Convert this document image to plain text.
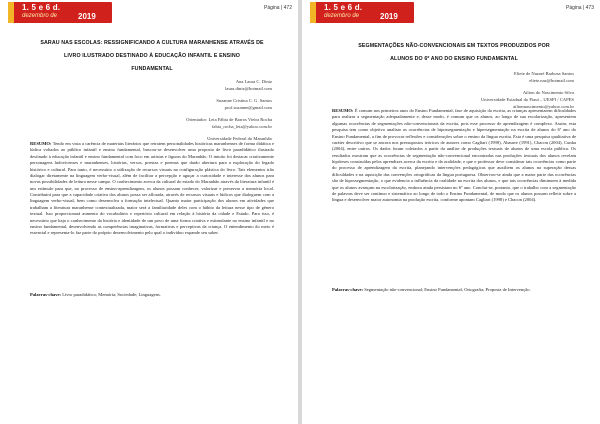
1. 5 e 6 d.
dezembro de	2019
Página | 472
SARAU NAS ESCOLAS: RESSIGNIFICANDO A CULTURA MARANHENSE ATRAVÉS DE
LIVRO ILUSTRADO DESTINADO À EDUCAÇÃO INFANTIL E ENSINO
FUNDAMENTAL
Ana Laura C. Diniz
laura.diniz@hotmail.com
Suzanne Cristina C. G. Santos
prof.suzanne@gmail.com
Orientador: Leia Fábia de Barros Vieira Rocha
fabia_rocha_leia@yahoo.com.br
Universidade Federal do Maranhão
RESUMO: Tendo em vista a carência de materiais literários que retratem personalidades históricas maranhenses de forma didática e lúdica voltados ao público infantil e ensino fundamental, buscou-se desenvolver uma proposta de livro paradidático ilustrado destinado à educação infantil e ensino fundamental com foco em artistas e figuras do Maranhão. O intuito foi destacar criativamente personagens ludovicenses e maranhenses, histórias, versos, poesias e poemas que darão abertura para a exploração do legado histórico e cultural. Para tanto, é necessário a utilização de recursos visuais na configuração plástica do livro. Tais elementos irão dialogar diretamente na linguagem verbo-visual, além de facilitar a percepção e aguçar a curiosidade e interesse dos alunos para novas possibilidades de leitura nesse campo. O conhecimento acerca da cultural do estado do Maranhão através da literatura infantil é um estímulo para que, no processo de ensino-aprendizagem, os alunos possam conhecer, valorizar e preservar a memória local. Contribuirá para que a capacidade criativa dos alunos possa ser aflorada, através de recursos visuais e lúdicos que dialoguem com a linguagem verbo-visual, bem como desenvolva a formação intelectual. Quanto maior participação dos alunos em atividades que trabalham a literatura maranhense contextualizada, maior será a familiaridade deles com o hábito da leitura nesse tipo de gênero textual. Isso proporcionará aumento do vocabulário e repertório cultural em relação à história da cidade e Estado. Para isso, é necessário que haja o conhecimento da história e identidade de um povo de uma forma criativa e estimulante no ensino infantil e no ensino fundamental, desenvolvendo as competências imaginativas, formativas e perceptivas da criança. O entendimento do meio é essencial e representa-lo faz parte do próprio desenvolvimento pelo qual o indivíduo expande seu saber.
Palavras-chave: Livro paradidático; Memória; Sociedade; Linguagens.
1. 5 e 6 d.
dezembro de	2019
Página | 473
SEGMENTAÇÕES NÃO-CONVENCIONAIS EM TEXTOS PRODUZIDOS POR
ALUNOS DO 6º ANO DO ENSINO FUNDAMENTAL
Eliete de Nazaré Barbosa Santos
eliete.naz@hotmail.com
Ailton do Nascimento Silva
Universidade Estadual do Piauí – UESPI / CAPES
ailtonnascimento@yahoo.com.br
RESUMO: É comum nos primeiros anos do Ensino Fundamental, fase de aquisição da escrita, as crianças apresentarem dificuldades para realizar a segmentação adequadamente e, desse modo, é comum que os alunos, ao longo de sua escolarização, apresentem algumas ocorrências de segmentações não-convencionais da escrita, pois esse processo de aprendizagem é complexo. Assim, esta pesquisa tem como objetivo analisar as ocorrências de hipossegmentação e hipersegmentação na escrita de alunos do 6º ano do Ensino Fundamental, a fim de provocar reflexões e considerações sobre o ensino da língua escrita. Esta é uma pesquisa qualitativa de caráter descritivo que se ancora nos pressupostos teóricos de autores como Cagliari (1998), Abaurre (1991), Chacon (2004), Cunha (2004), entre outros. Os dados foram coletados a partir da análise de produções textuais de alunos de uma escola pública. Os resultados mostram que as ocorrências de segmentação não-convencional encontradas nas produções textuais dos alunos revelam hipóteses construídas pelos aprendizes acerca da escrita e da oralidade, e que o professor deve considerar tais ocorrências como parte do processo de aprendizagem da escrita, planejando intervenções pedagógicas que auxiliem os alunos na superação dessas dificuldades e na aquisição das convenções ortográficas da língua portuguesa. Observou-se ainda que a maior parte das ocorrências são de hipossegmentação, o que evidencia a influência da oralidade na escrita dos alunos, e que tais ocorrências diminuem à medida que os alunos avançam na escolarização, embora ainda persistam no 6º ano. Conclui-se, portanto, que o trabalho com a segmentação de palavras deve ser contínuo e sistemático ao longo de todo o Ensino Fundamental, de modo que os alunos possam refletir sobre a língua e desenvolver maior autonomia na produção escrita, conforme apontam Cagliari (1998) e Chacon (2004).
Palavras-chave: Segmentação não-convencional; Ensino Fundamental; Ortografia; Proposta de Intervenção.
